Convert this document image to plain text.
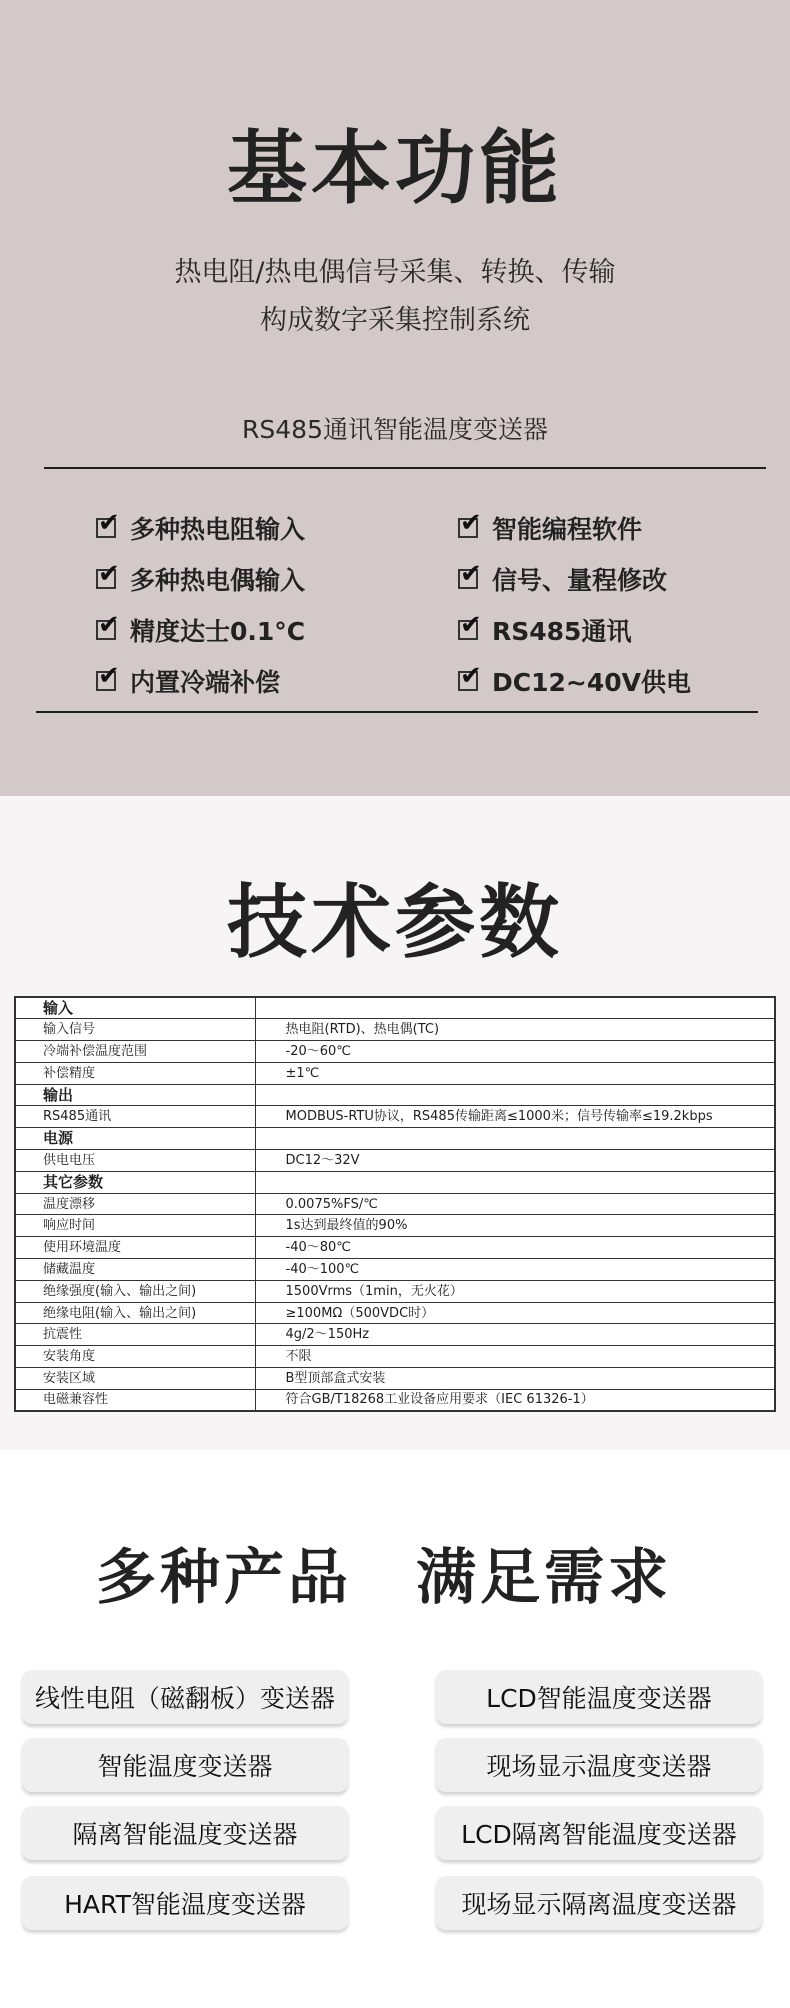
基本功能
热电阻/热电偶信号采集、转换、传输
构成数字采集控制系统
RS485通讯智能温度变送器
✔
多种热电阻输入
✔
多种热电偶输入
✔
精度达士0.1°C
✔
内置冷端补偿
✔
智能编程软件
✔
信号、量程修改
✔
RS485通讯
✔
DC12~40V供电
技术参数
输入	
输入信号	热电阻(RTD)、热电偶(TC)
冷端补偿温度范围	-20～60℃
补偿精度	±1℃
输出	
RS485通讯	MODBUS-RTU协议，RS485传输距离≤1000米；信号传输率≤19.2kbps
电源	
供电电压	DC12～32V
其它参数	
温度漂移	0.0075%FS/℃
响应时间	1s达到最终值的90%
使用环境温度	-40～80℃
储藏温度	-40～100℃
绝缘强度(输入、输出之间)	1500Vrms（1min，无火花）
绝缘电阻(输入、输出之间)	≥100MΩ（500VDC时）
抗震性	4g/2～150Hz
安装角度	不限
安装区域	B型顶部盒式安装
电磁兼容性	符合GB/T18268工业设备应用要求（IEC 61326-1）
多种产品 满足需求
线性电阻（磁翻板）变送器
智能温度变送器
隔离智能温度变送器
HART智能温度变送器
LCD智能温度变送器
现场显示温度变送器
LCD隔离智能温度变送器
现场显示隔离温度变送器
